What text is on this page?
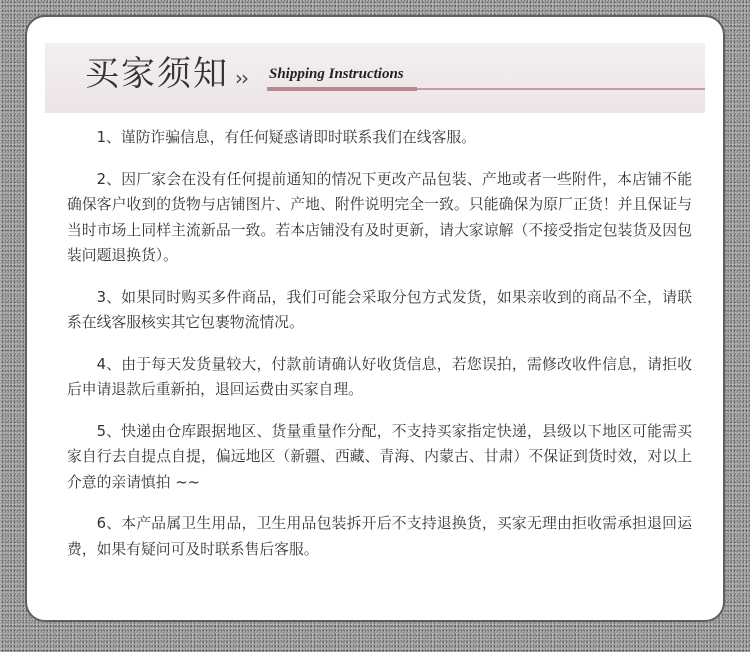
买家须知 ›› Shipping Instructions

1、谨防诈骗信息，有任何疑惑请即时联系我们在线客服。

2、因厂家会在没有任何提前通知的情况下更改产品包装、产地或者一些附件，本店铺不能确保客户收到的货物与店铺图片、产地、附件说明完全一致。只能确保为原厂正货！并且保证与当时市场上同样主流新品一致。若本店铺没有及时更新，请大家谅解（不接受指定包装货及因包装问题退换货）。

3、如果同时购买多件商品，我们可能会采取分包方式发货，如果亲收到的商品不全，请联系在线客服核实其它包裹物流情况。

4、由于每天发货量较大，付款前请确认好收货信息，若您误拍，需修改收件信息，请拒收后申请退款后重新拍，退回运费由买家自理。

5、快递由仓库跟据地区、货量重量作分配，不支持买家指定快递，县级以下地区可能需买家自行去自提点自提，偏远地区（新疆、西藏、青海、内蒙古、甘肃）不保证到货时效，对以上介意的亲请慎拍 ~~

6、本产品属卫生用品，卫生用品包装拆开后不支持退换货，买家无理由拒收需承担退回运费，如果有疑问可及时联系售后客服。
